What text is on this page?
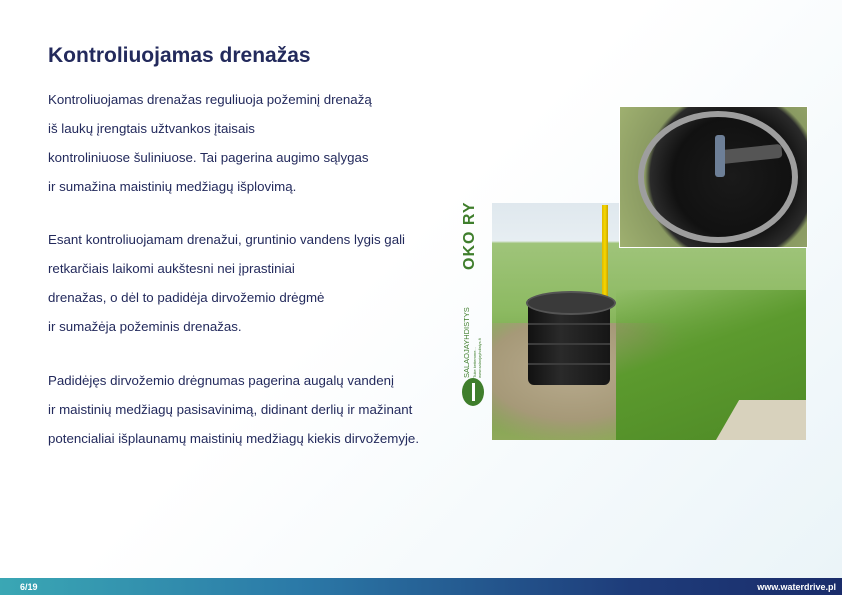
Kontroliuojamas drenažas
Kontroliuojamas drenažas reguliuoja požeminį drenažą
iš laukų įrengtais užtvankos įtaisais
kontroliniuose šuliniuose. Tai pagerina augimo sąlygas
ir sumažina maistinių medžiagų išplovimą.
Esant kontroliuojamam drenažui, gruntinio vandens lygis gali
retkarčiais laikomi aukštesni nei įprastiniai
drenažas, o dėl to padidėja dirvožemio drėgmė
ir sumažėja požeminis drenažas.
Padidėjęs dirvožemio drėgnumas pagerina augalų vandenį
ir maistinių medžiagų pasisavinimą, didinant derlių ir mažinant
potencialiai išplaunamų maistinių medžiagų kiekis dirvožemyje.
OKO RY
SALAOJAYHDISTYS Tuke kettemme... www.salaojayhdistys.fi
6/19	www.waterdrive.pl
